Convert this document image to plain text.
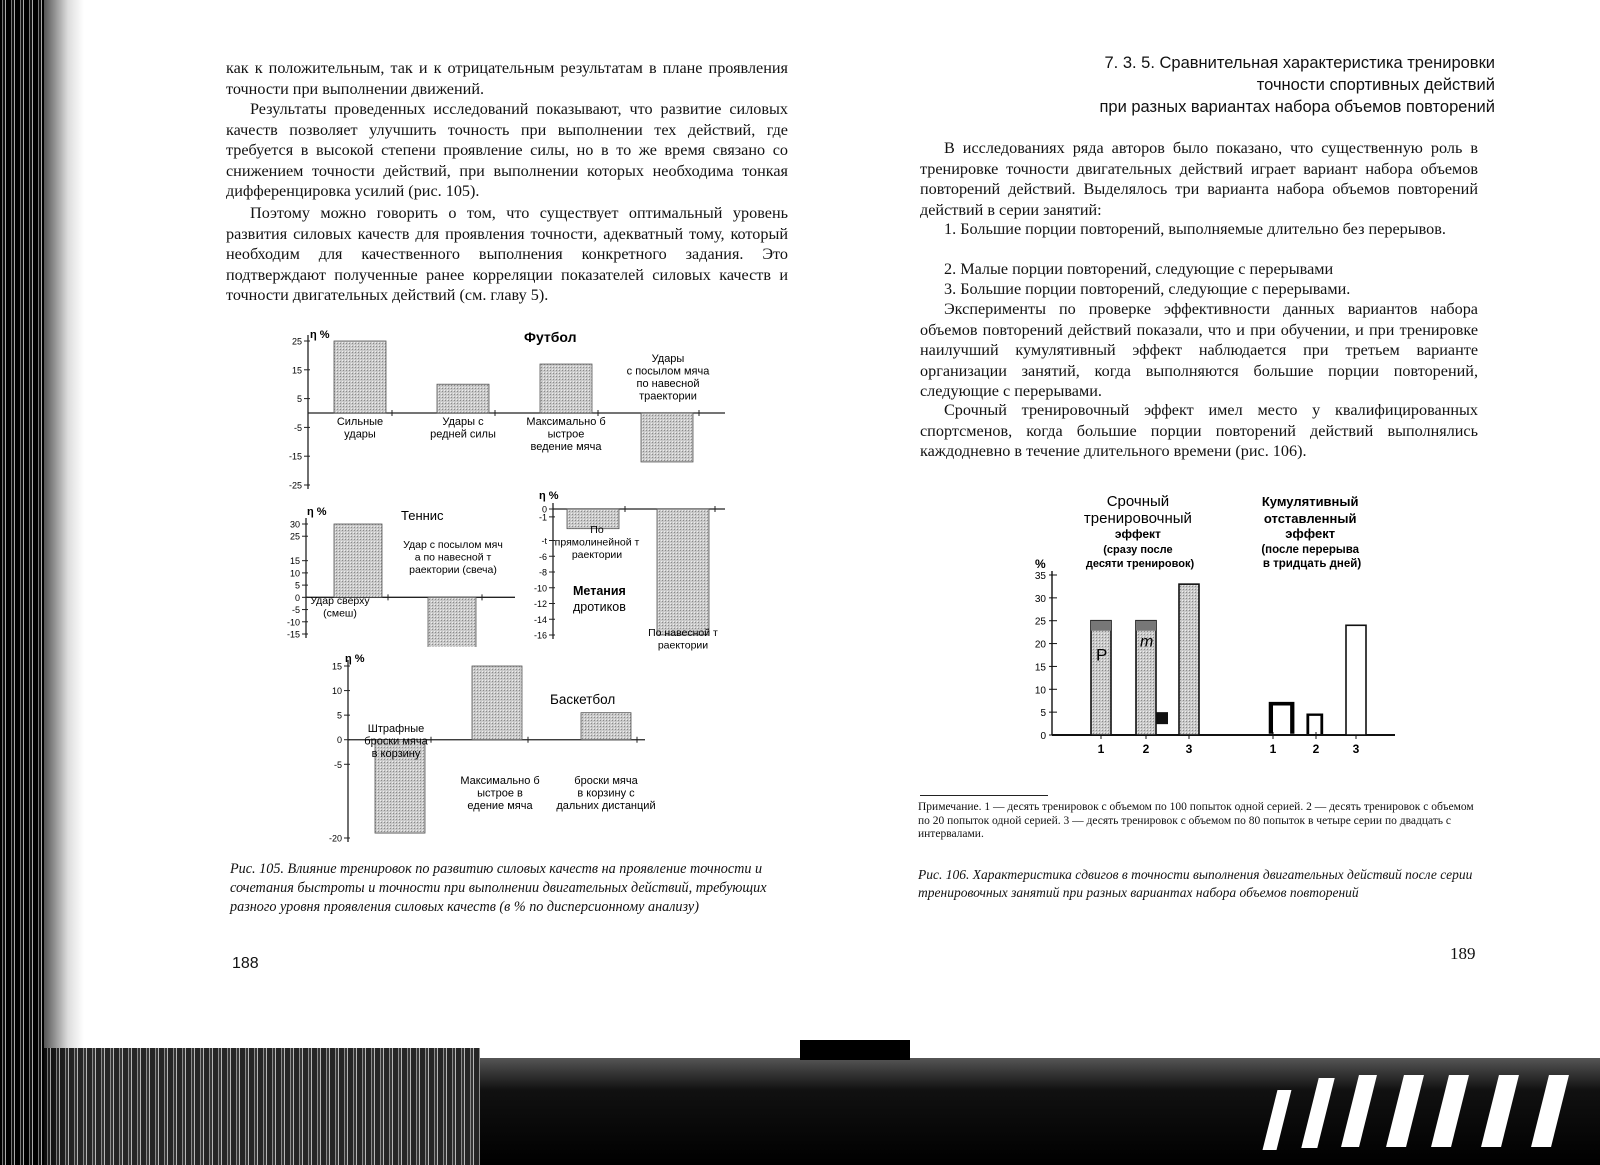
как к положительным, так и к отрицательным результатам в плане проявления точности при выполнении движений.

Результаты проведенных исследований показывают, что развитие силовых качеств позволяет улучшить точность при выполнении тех действий, где требуется в высокой степени проявление силы, но в то же время связано со снижением точности действий, при выполнении которых необходима тонкая дифференцировка усилий (рис. 105).

Поэтому можно говорить о том, что существует оптимальный уровень развития силовых качеств для проявления точности, адекватный тому, который необходим для качественного выполнения конкретного задания. Это подтверждают полученные ранее корреляции показателей силовых качеств и точности двигательных действий (см. главу 5).

η %	Футбол
25
15
5
-5
-15
-25
Сильные удары
Удары с редней силы
Максимально б ыстрое ведение мяча
Удары с посылом мяча по навесной траектории
η %	Теннис
30
25
15
10
5
0
-5
-10
-15
Удар сверху (смеш)
Удар с посылом мяч а по навесной т раектории (свеча)
η %
0
-1
-t
-6
-8
-10
-12
-14
-16
Метания дротиков
По прямолинейной т раектории
По навесной т раектории
η %
Баскетбол
15
10
5
0
-5
-20
Штрафные броски мяча в корзину
Максимально б ыстрое в едение мяча
броски мяча в корзину с дальних дистанций

Рис. 105. Влияние тренировок по развитию силовых качеств на проявление точности и сочетания быстроты и точности при выполнении двигательных действий, требующих разного уровня проявления силовых качеств (в % по дисперсионному анализу)

188
7. 3. 5. Сравнительная характеристика тренировки
точности спортивных действий
при разных вариантах набора объемов повторений

В исследованиях ряда авторов было показано, что существенную роль в тренировке точности двигательных действий играет вариант набора объемов повторений действий. Выделялось три варианта набора объемов повторений действий в серии занятий:

1. Большие порции повторений, выполняемые длительно без перерывов.

2. Малые порции повторений, следующие с перерывами

3. Большие порции повторений, следующие с перерывами.

Эксперименты по проверке эффективности данных вариантов набора объемов повторений действий показали, что и при обучении, и при тренировке наилучший кумулятивный эффект наблюдается при третьем варианте организации занятий, когда выполняются большие порции повторений, следующие с перерывами.

Срочный тренировочный эффект имел место у квалифицированных спортсменов, когда большие порции повторений действий выполнялись каждодневно в течение длительного времени (рис. 106).

Срочный тренировочный эффект (сразу после десяти тренировок)
Кумулятивный отставленный эффект (после перерыва в тридцать дней)
%
35
30
25
20
15
10
5
0
P
m
П П
1	2	3	1	2	3

Примечание. 1 — десять тренировок с объемом по 100 попыток одной серией. 2 — десять тренировок с объемом по 20 попыток одной серией. 3 — десять тренировок с объемом по 80 попыток в четыре серии по двадцать с интервалами.

Рис. 106. Характеристика сдвигов в точности выполнения двигательных действий после серии тренировочных занятий при разных вариантах набора объемов повторений

189
